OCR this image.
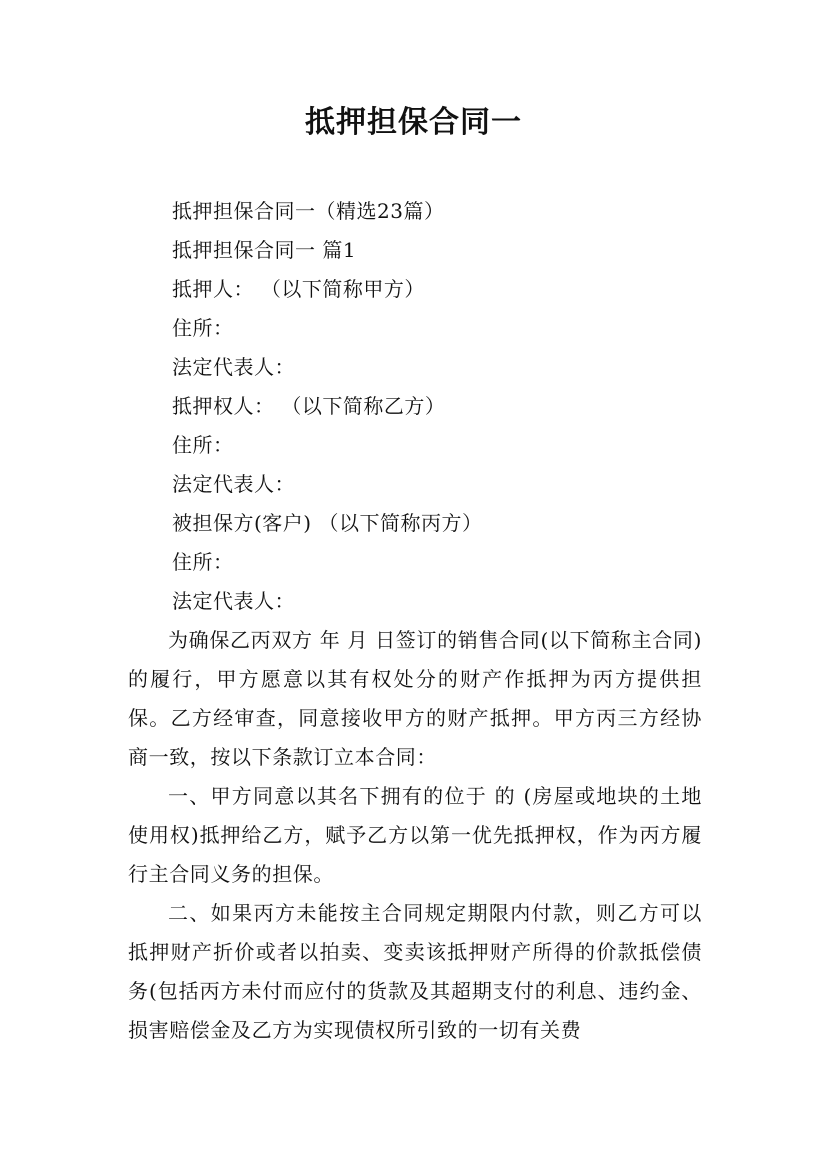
抵押担保合同一
抵押担保合同一（精选23篇）
抵押担保合同一 篇1
抵押人： （以下简称甲方）
住所：
法定代表人：
抵押权人： （以下简称乙方）
住所：
法定代表人：
被担保方(客户) （以下简称丙方）
住所：
法定代表人：

为确保乙丙双方 年 月 日签订的销售合同(以下简称主合同)的履行，甲方愿意以其有权处分的财产作抵押为丙方提供担保。乙方经审查，同意接收甲方的财产抵押。甲方丙三方经协商一致，按以下条款订立本合同：

一、甲方同意以其名下拥有的位于 的 (房屋或地块的土地使用权)抵押给乙方，赋予乙方以第一优先抵押权，作为丙方履行主合同义务的担保。

二、如果丙方未能按主合同规定期限内付款，则乙方可以抵押财产折价或者以拍卖、变卖该抵押财产所得的价款抵偿债务(包括丙方未付而应付的货款及其超期支付的利息、违约金、损害赔偿金及乙方为实现债权所引致的一切有关费
